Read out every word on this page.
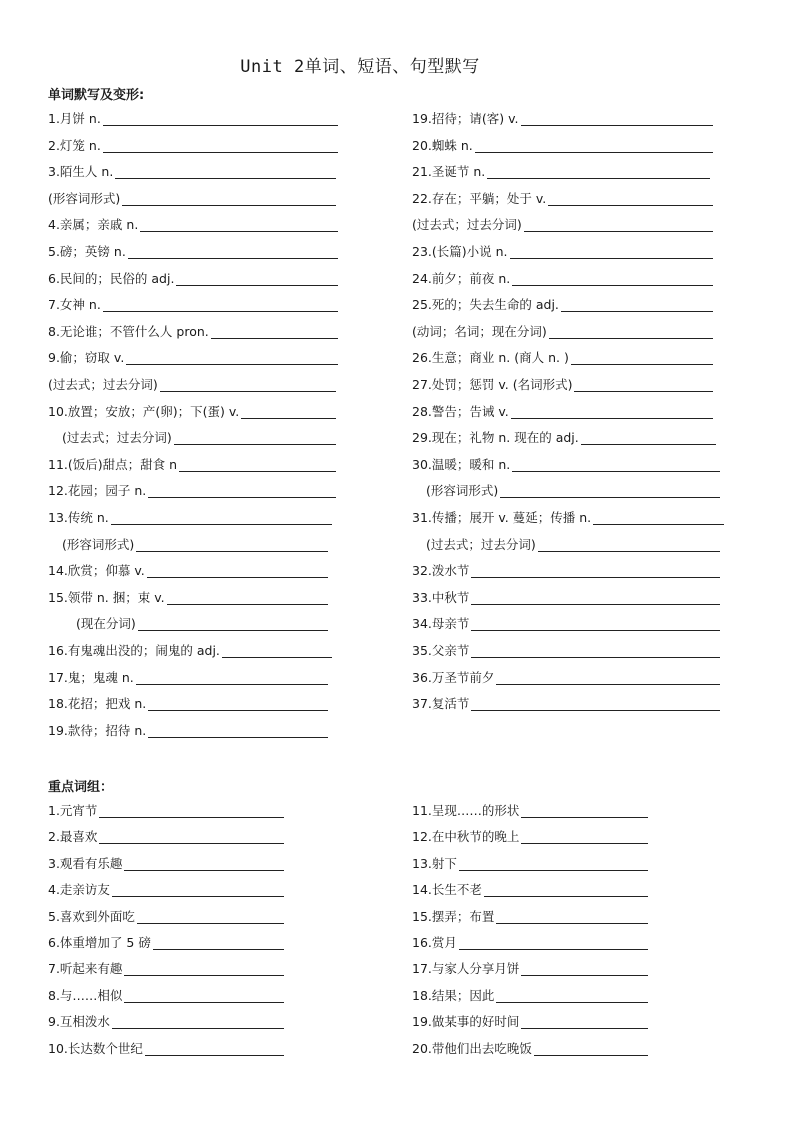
Unit 2单词、短语、句型默写
单词默写及变形:
1.月饼 n.
2.灯笼 n.
3.陌生人 n.
(形容词形式)
4.亲属；亲戚 n.
5.磅；英镑 n.
6.民间的；民俗的 adj.
7.女神 n.
8.无论谁；不管什么人 pron.
9.偷；窃取 v.
(过去式；过去分词)
10.放置；安放；产(卵)；下(蛋) v.
(过去式；过去分词)
11.(饭后)甜点；甜食 n
12.花园；园子 n.
13.传统 n.
(形容词形式)
14.欣赏；仰慕 v.
15.领带 n. 捆；束 v.
(现在分词)
16.有鬼魂出没的；闹鬼的 adj.
17.鬼；鬼魂 n.
18.花招；把戏 n.
19.款待；招待 n.
19.招待；请(客) v.
20.蜘蛛 n.
21.圣诞节 n.
22.存在；平躺；处于 v.
(过去式；过去分词)
23.(长篇)小说 n.
24.前夕；前夜 n.
25.死的；失去生命的 adj.
(动词；名词；现在分词)
26.生意；商业 n. (商人 n. )
27.处罚；惩罚 v. (名词形式)
28.警告；告诫 v.
29.现在；礼物 n. 现在的 adj.
30.温暖；暖和 n.
(形容词形式)
31.传播；展开 v. 蔓延；传播 n.
(过去式；过去分词)
32.泼水节
33.中秋节
34.母亲节
35.父亲节
36.万圣节前夕
37.复活节
重点词组：
1.元宵节
2.最喜欢
3.观看有乐趣
4.走亲访友
5.喜欢到外面吃
6.体重增加了 5 磅
7.听起来有趣
8.与……相似
9.互相泼水
10.长达数个世纪
11.呈现……的形状
12.在中秋节的晚上
13.射下
14.长生不老
15.摆弄；布置
16.赏月
17.与家人分享月饼
18.结果；因此
19.做某事的好时间
20.带他们出去吃晚饭
